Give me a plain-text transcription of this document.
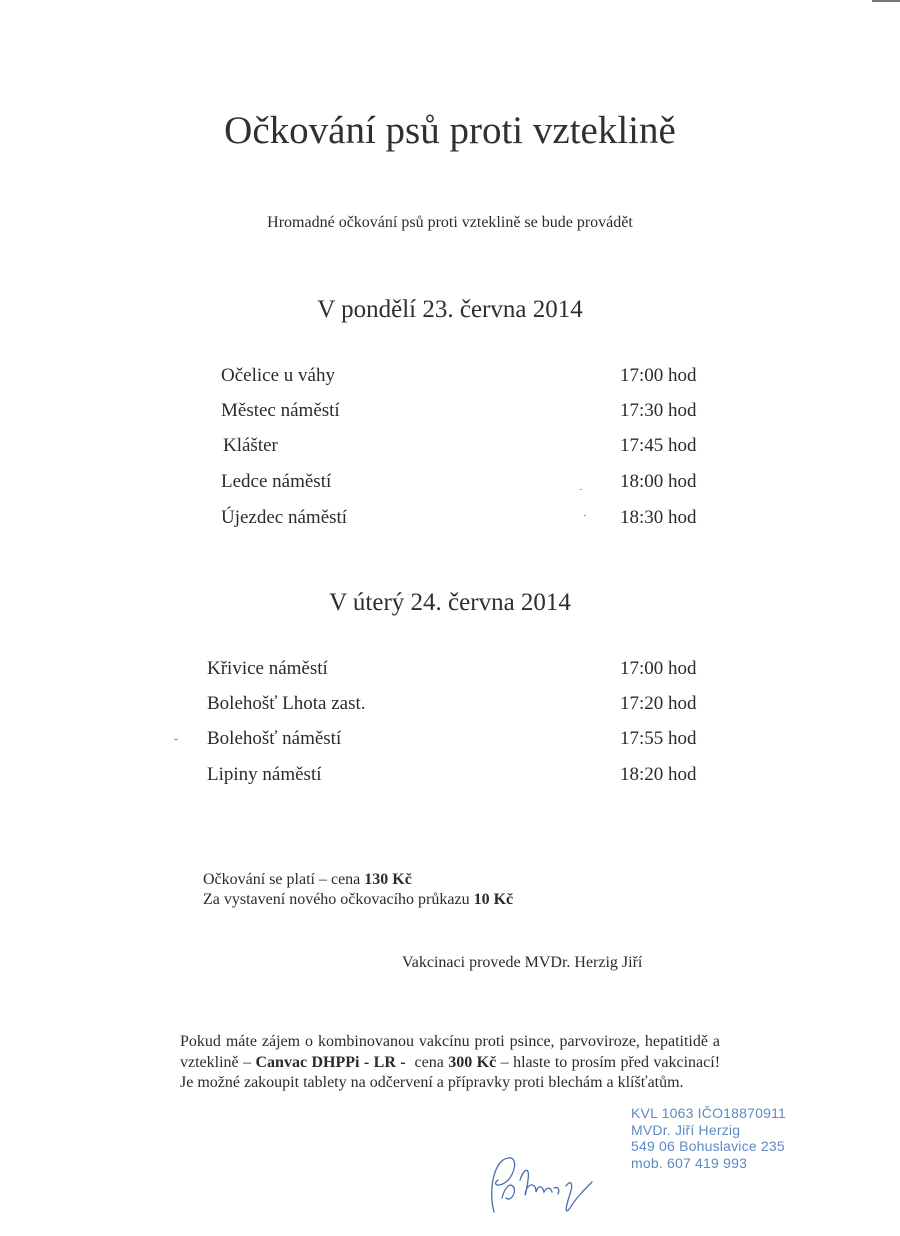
Očkování psů proti vzteklině
Hromadné očkování psů proti vzteklině se bude provádět
V pondělí 23. června 2014
Očelice u váhy	17:00 hod
Městec náměstí	17:30 hod
Klášter	17:45 hod
Ledce náměstí	18:00 hod
Újezdec náměstí	18:30 hod
V úterý 24. června 2014
Křivice náměstí	17:00 hod
Bolehošť Lhota zast.	17:20 hod
Bolehošť náměstí	17:55 hod
Lipiny náměstí	18:20 hod
Očkování se platí – cena 130 Kč
Za vystavení nového očkovacího průkazu 10 Kč
Vakcinaci provede MVDr. Herzig Jiří
Pokud máte zájem o kombinovanou vakcínu proti psince, parvoviroze, hepatitidě a vzteklině – Canvac DHPPi - LR -  cena 300 Kč – hlaste to prosím před vakcinací! Je možné zakoupit tablety na odčervení a přípravky proti blechám a klíšťatům.
KVL 1063 IČO18870911
MVDr. Jiří Herzig
549 06 Bohuslavice 235
mob. 607 419 993
